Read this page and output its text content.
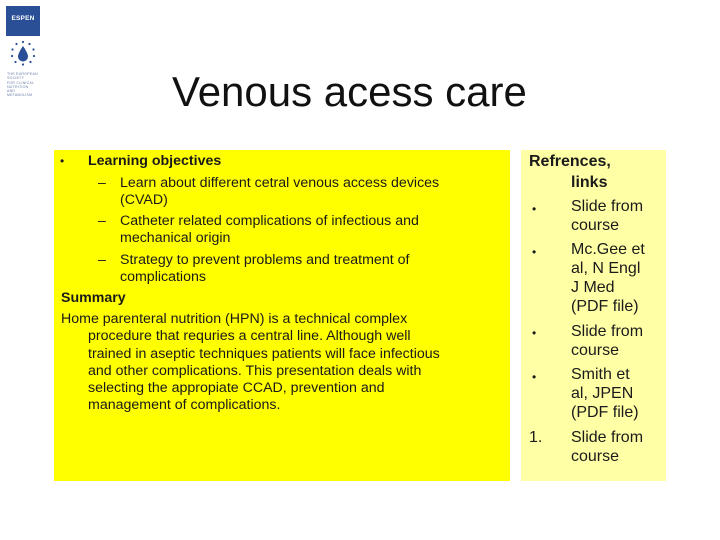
ESPEN
THE EUROPEAN
SOCIETY
FOR CLINICAL
NUTRITION
AND
METABOLISM	Venous acess care
• Learning objectives
– Learn about different cetral venous access devices
(CVAD)
– Catheter related complications of infectious and
mechanical origin
– Strategy to prevent problems and treatment of
complications
Summary
Home parenteral nutrition (HPN) is a technical complex
procedure that requries a central line. Although well
trained in aseptic techniques patients will face infectious
and other complications. This presentation deals with
selecting the appropiate CCAD, prevention and
management of complications.
Refrences,
links
• Slide from
course
• Mc.Gee et
al, N Engl
J Med
(PDF file)
• Slide from
course
• Smith et
al, JPEN
(PDF file)
1. Slide from
course
